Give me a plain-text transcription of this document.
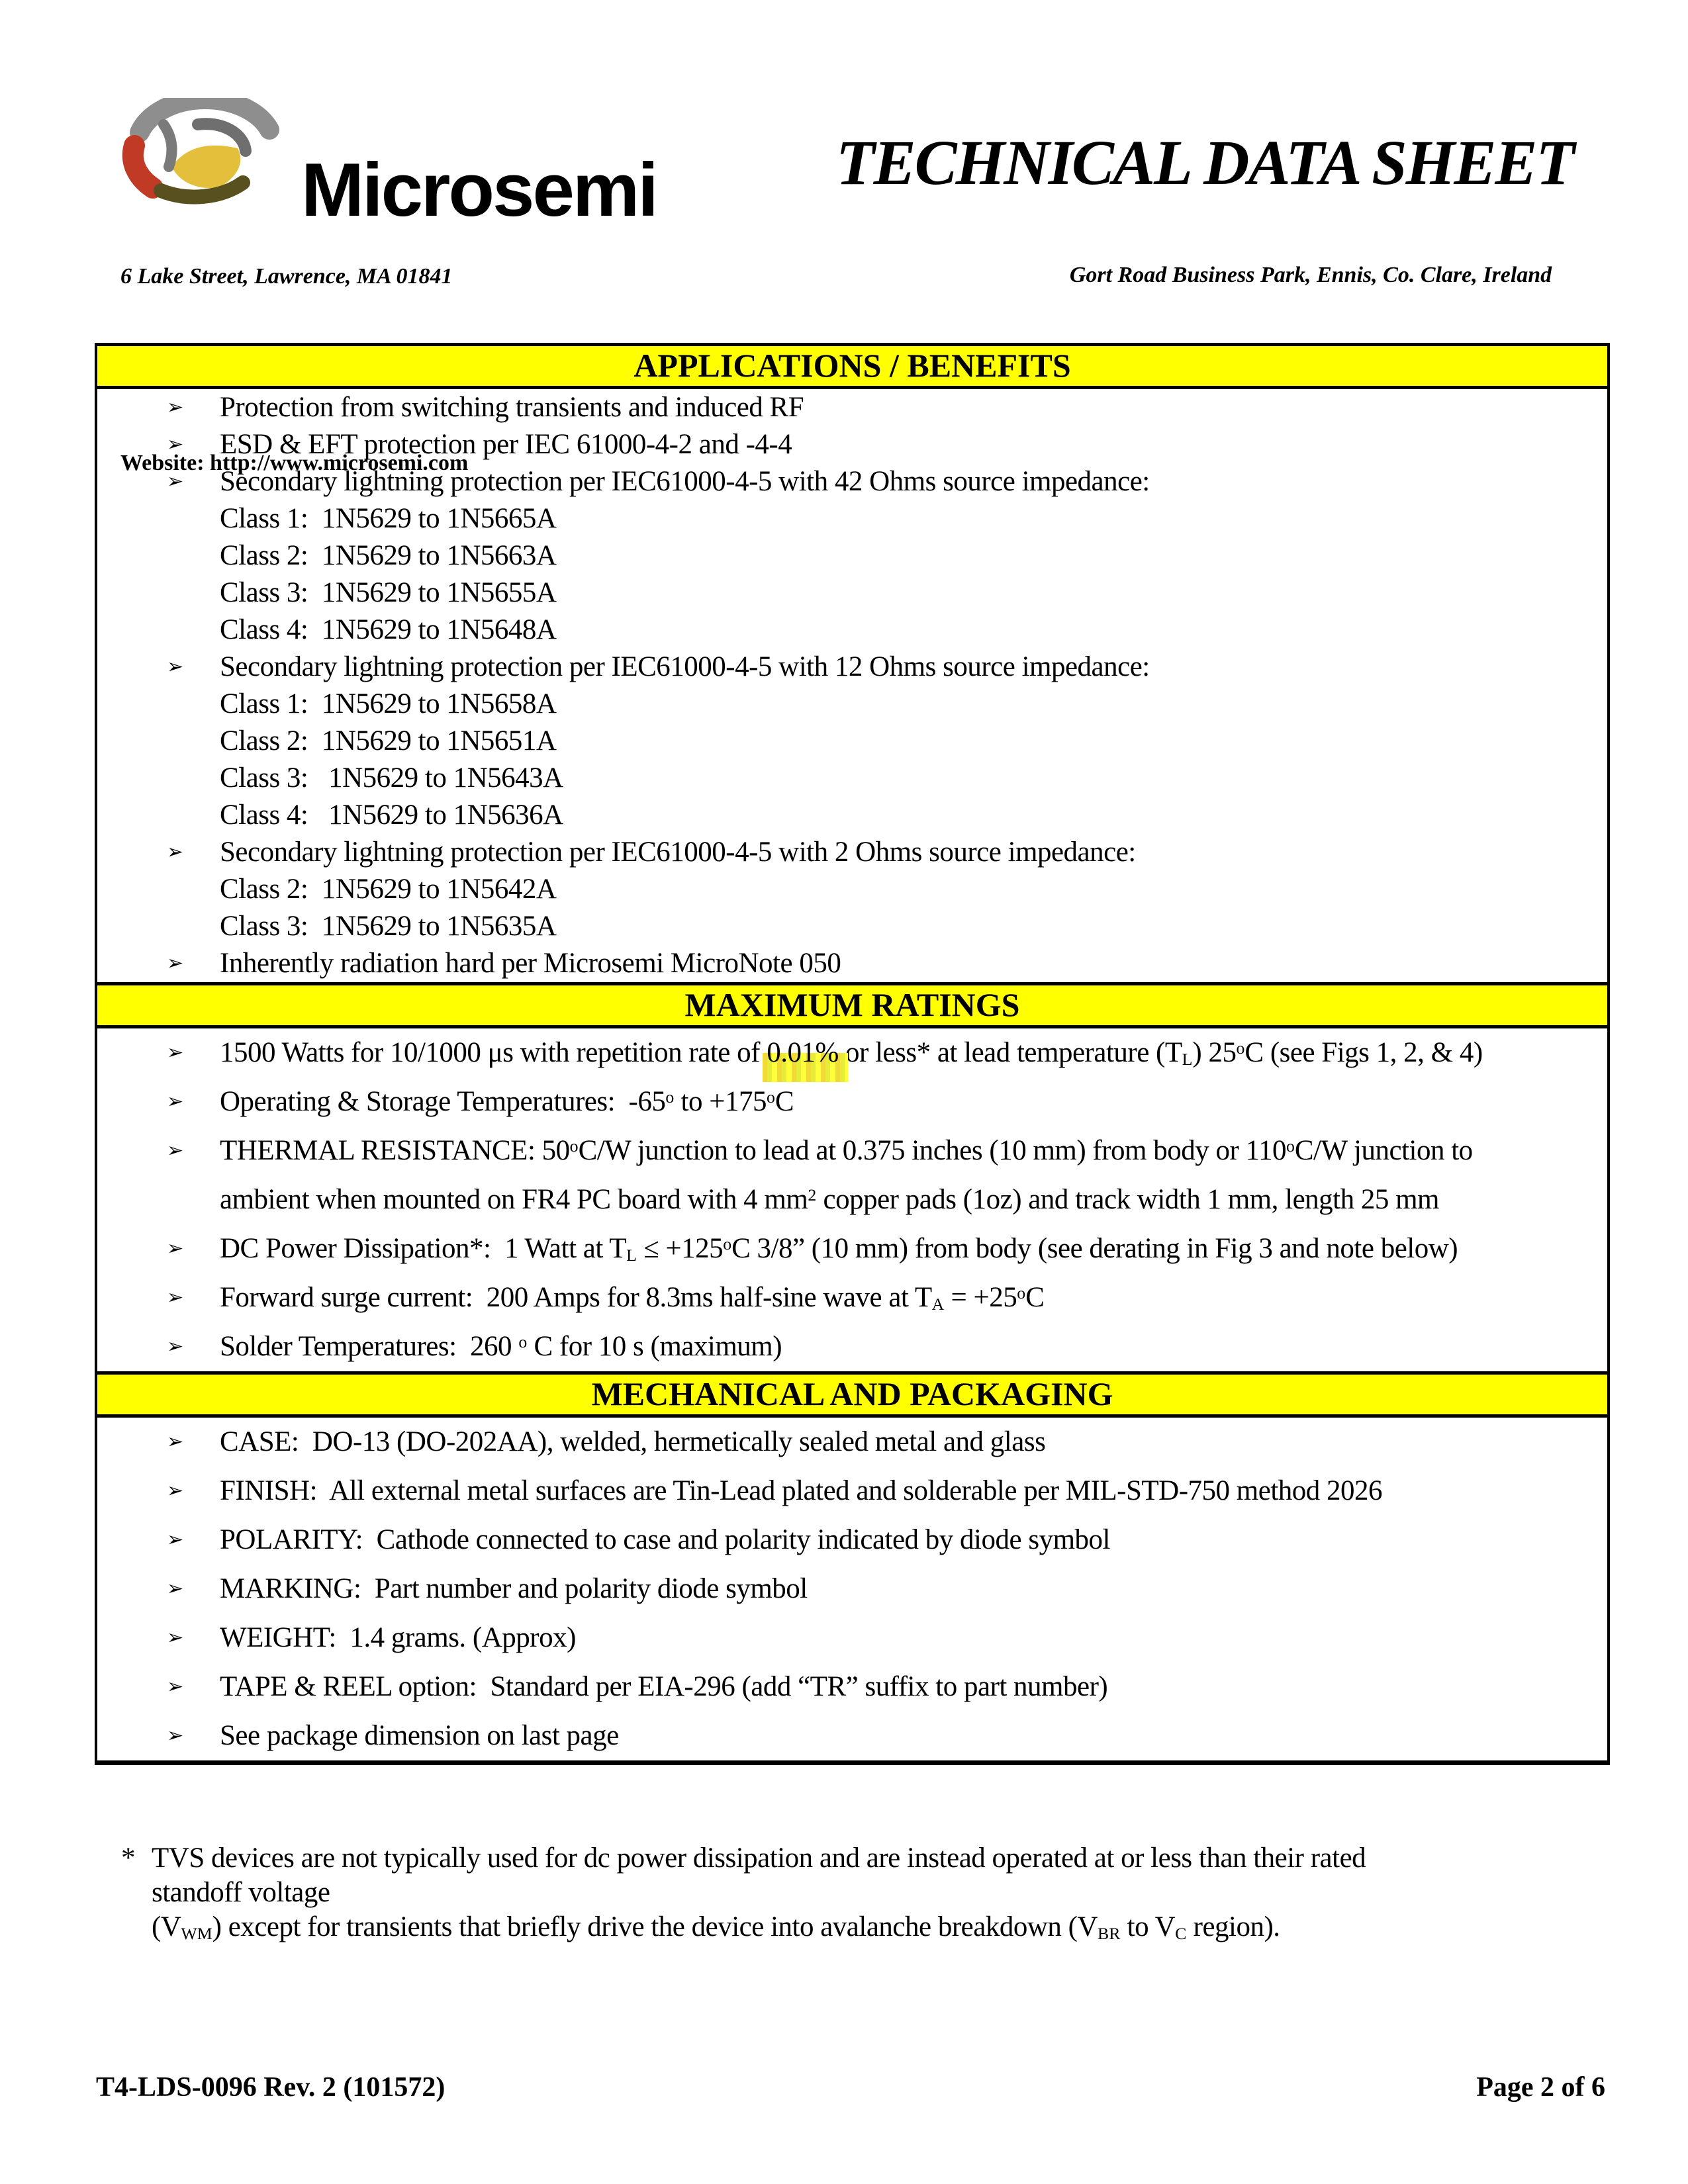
Microsemi

6 Lake Street, Lawrence, MA 01841

Website: http://www.microsemi.com

TECHNICAL DATA SHEET

Gort Road Business Park, Ennis, Co. Clare, Ireland

APPLICATIONS / BENEFITS
➢ Protection from switching transients and induced RF
➢ ESD & EFT protection per IEC 61000-4-2 and -4-4
➢ Secondary lightning protection per IEC61000-4-5 with 42 Ohms source impedance:
Class 1:  1N5629 to 1N5665A
Class 2:  1N5629 to 1N5663A
Class 3:  1N5629 to 1N5655A
Class 4:  1N5629 to 1N5648A
➢ Secondary lightning protection per IEC61000-4-5 with 12 Ohms source impedance:
Class 1:  1N5629 to 1N5658A
Class 2:  1N5629 to 1N5651A
Class 3:   1N5629 to 1N5643A
Class 4:   1N5629 to 1N5636A
➢ Secondary lightning protection per IEC61000-4-5 with 2 Ohms source impedance:
Class 2:  1N5629 to 1N5642A
Class 3:  1N5629 to 1N5635A
➢ Inherently radiation hard per Microsemi MicroNote 050
MAXIMUM RATINGS
➢ 1500 Watts for 10/1000 μs with repetition rate of 0.01% or less* at lead temperature $(T_L)$ 25$^o$C (see Figs 1, 2, & 4)
➢ Operating & Storage Temperatures:  -65$^o$ to $+175^oC$
➢ THERMAL RESISTANCE: 50$^o$C/W junction to lead at 0.375 inches (10 mm) from body or 110$^o$C/W junction to
ambient when mounted on FR4 PC board with 4 $mm^2$ copper pads (1oz) and track width 1 mm, length 25 mm
➢ DC Power Dissipation*:  1 Watt at $T_L \le +125^oC$ 3/8” (10 mm) from body (see derating in Fig 3 and note below)
➢ Forward surge current:  200 Amps for 8.3ms half-sine wave at $T_A = +25^oC$
➢ Solder Temperatures:  260 $^o$ C for 10 s (maximum)
MECHANICAL AND PACKAGING
➢ CASE:  DO-13 (DO-202AA), welded, hermetically sealed metal and glass
➢ FINISH:  All external metal surfaces are Tin-Lead plated and solderable per MIL-STD-750 method 2026
➢ POLARITY:  Cathode connected to case and polarity indicated by diode symbol
➢ MARKING:  Part number and polarity diode symbol
➢ WEIGHT:  1.4 grams. (Approx)
➢ TAPE & REEL option:  Standard per EIA-296 (add “TR” suffix to part number)
➢ See package dimension on last page

* TVS devices are not typically used for dc power dissipation and are instead operated at or less than their rated

standoff voltage

$(V_{WM})$ except for transients that briefly drive the device into avalanche breakdown ($V_{BR}$ to $V_C$ region).

T4-LDS-0096 Rev. 2 (101572)	Page 2 of 6
